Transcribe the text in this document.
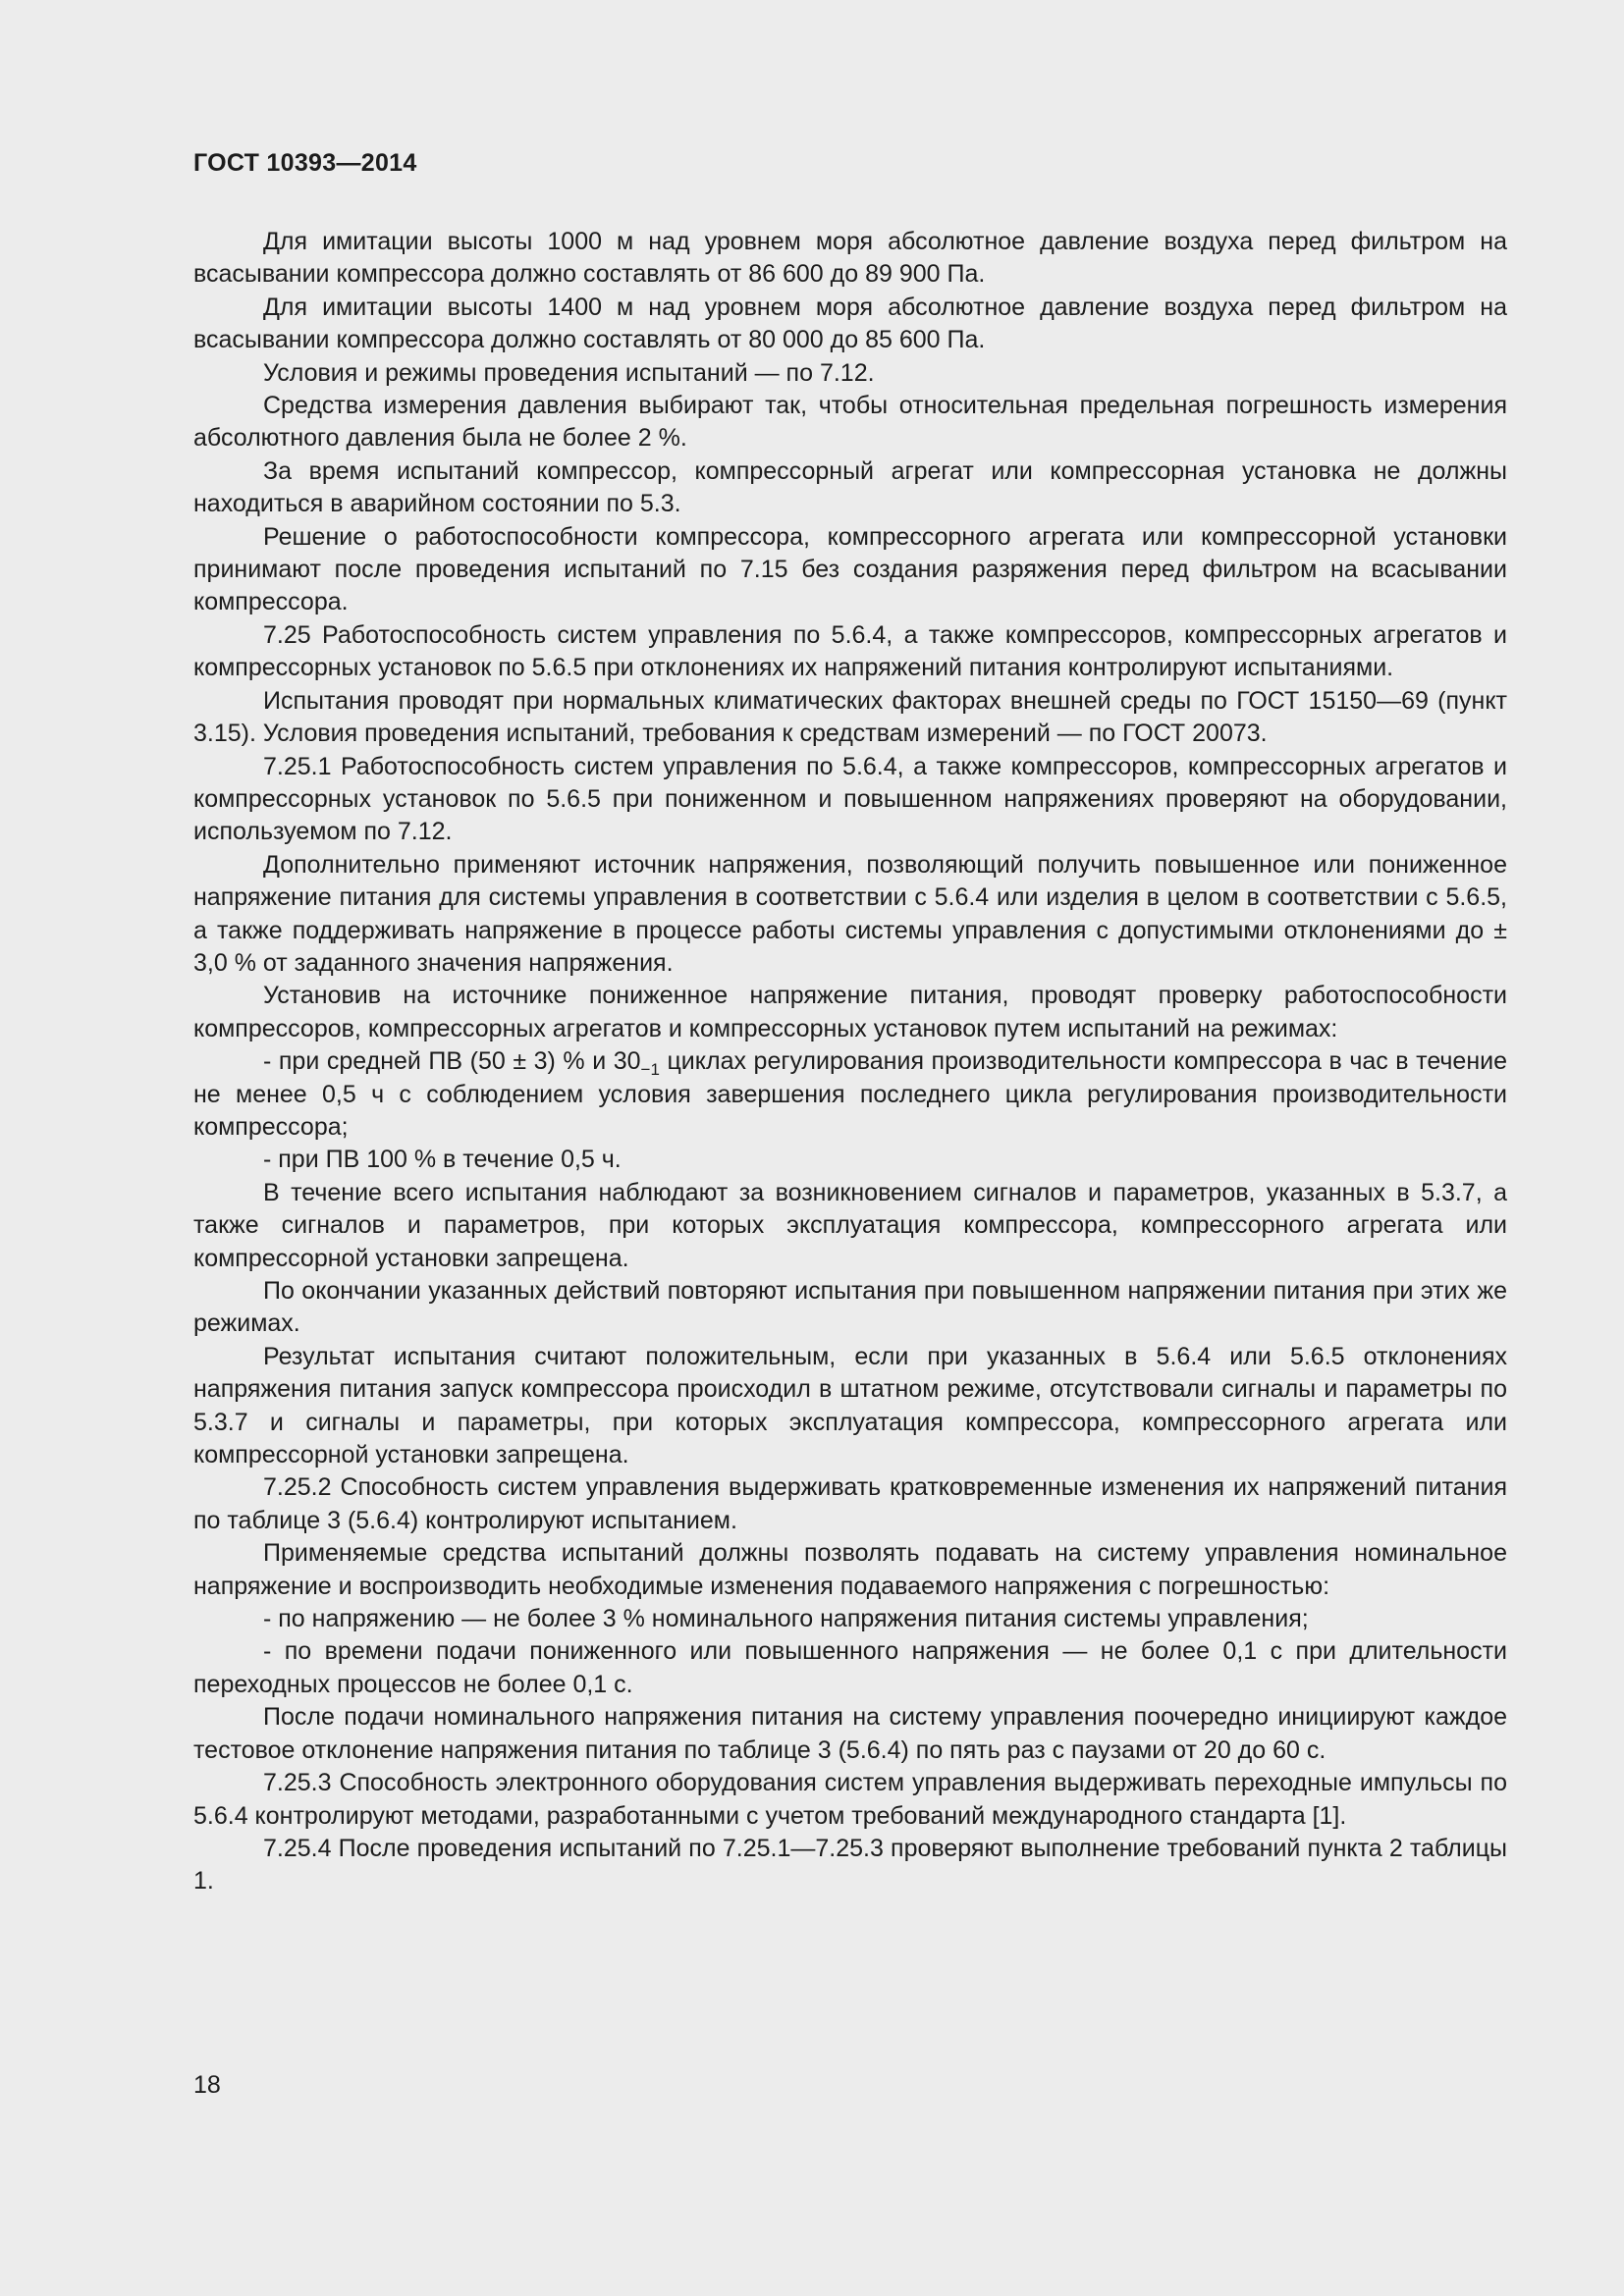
ГОСТ 10393—2014

Для имитации высоты 1000 м над уровнем моря абсолютное давление воздуха перед фильтром на всасывании компрессора должно составлять от 86 600 до 89 900 Па.

Для имитации высоты 1400 м над уровнем моря абсолютное давление воздуха перед фильтром на всасывании компрессора должно составлять от 80 000 до 85 600 Па.

Условия и режимы проведения испытаний — по 7.12.

Средства измерения давления выбирают так, чтобы относительная предельная погрешность измерения абсолютного давления была не более 2 %.

За время испытаний компрессор, компрессорный агрегат или компрессорная установка не должны находиться в аварийном состоянии по 5.3.

Решение о работоспособности компрессора, компрессорного агрегата или компрессорной установки принимают после проведения испытаний по 7.15 без создания разряжения перед фильтром на всасывании компрессора.

7.25 Работоспособность систем управления по 5.6.4, а также компрессоров, компрессорных агрегатов и компрессорных установок по 5.6.5 при отклонениях их напряжений питания контролируют испытаниями.

Испытания проводят при нормальных климатических факторах внешней среды по ГОСТ 15150—69 (пункт 3.15). Условия проведения испытаний, требования к средствам измерений — по ГОСТ 20073.

7.25.1 Работоспособность систем управления по 5.6.4, а также компрессоров, компрессорных агрегатов и компрессорных установок по 5.6.5 при пониженном и повышенном напряжениях проверяют на оборудовании, используемом по 7.12.

Дополнительно применяют источник напряжения, позволяющий получить повышенное или пониженное напряжение питания для системы управления в соответствии с 5.6.4 или изделия в целом в соответствии с 5.6.5, а также поддерживать напряжение в процессе работы системы управления с допустимыми отклонениями до ± 3,0 % от заданного значения напряжения.

Установив на источнике пониженное напряжение питания, проводят проверку работоспособности компрессоров, компрессорных агрегатов и компрессорных установок путем испытаний на режимах:

- при средней ПВ (50 ± 3) % и $30_{-1}$ циклах регулирования производительности компрессора в час в течение не менее 0,5 ч с соблюдением условия завершения последнего цикла регулирования производительности компрессора;

- при ПВ 100 % в течение 0,5 ч.

В течение всего испытания наблюдают за возникновением сигналов и параметров, указанных в 5.3.7, а также сигналов и параметров, при которых эксплуатация компрессора, компрессорного агрегата или компрессорной установки запрещена.

По окончании указанных действий повторяют испытания при повышенном напряжении питания при этих же режимах.

Результат испытания считают положительным, если при указанных в 5.6.4 или 5.6.5 отклонениях напряжения питания запуск компрессора происходил в штатном режиме, отсутствовали сигналы и параметры по 5.3.7 и сигналы и параметры, при которых эксплуатация компрессора, компрессорного агрегата или компрессорной установки запрещена.

7.25.2 Способность систем управления выдерживать кратковременные изменения их напряжений питания по таблице 3 (5.6.4) контролируют испытанием.

Применяемые средства испытаний должны позволять подавать на систему управления номинальное напряжение и воспроизводить необходимые изменения подаваемого напряжения с погрешностью:

- по напряжению — не более 3 % номинального напряжения питания системы управления;

- по времени подачи пониженного или повышенного напряжения — не более 0,1 с при длительности переходных процессов не более 0,1 с.

После подачи номинального напряжения питания на систему управления поочередно инициируют каждое тестовое отклонение напряжения питания по таблице 3 (5.6.4) по пять раз с паузами от 20 до 60 с.

7.25.3 Способность электронного оборудования систем управления выдерживать переходные импульсы по 5.6.4 контролируют методами, разработанными с учетом требований международного стандарта [1].

7.25.4 После проведения испытаний по 7.25.1—7.25.3 проверяют выполнение требований пункта 2 таблицы 1.

18
